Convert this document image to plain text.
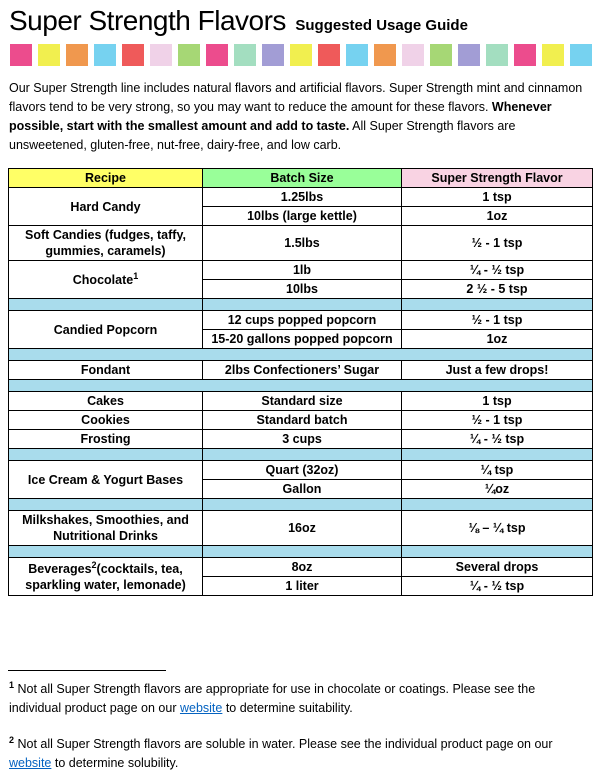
Super Strength Flavors Suggested Usage Guide

Our Super Strength line includes natural flavors and artificial flavors. Super Strength mint and cinnamon flavors tend to be very strong, so you may want to reduce the amount for these flavors. Whenever possible, start with the smallest amount and add to taste. All Super Strength flavors are unsweetened, gluten-free, nut-free, dairy-free, and low carb.

Recipe	Batch Size	Super Strength Flavor
Hard Candy	1.25lbs	1 tsp
	10lbs (large kettle)	1oz
Soft Candies (fudges, taffy, gummies, caramels)	1.5lbs	½ - 1 tsp
Chocolate$^1$	1lb	¼ - ½ tsp
	10lbs	2 ½ - 5 tsp

Candied Popcorn	12 cups popped popcorn	½ - 1 tsp
	15-20 gallons popped popcorn	1oz

Fondant	2lbs Confectioners’ Sugar	Just a few drops!

Cakes	Standard size	1 tsp
Cookies	Standard batch	½ - 1 tsp
Frosting	3 cups	¼ - ½ tsp

Ice Cream & Yogurt Bases	Quart (32oz)	¼ tsp
	Gallon	¼oz

Milkshakes, Smoothies, and Nutritional Drinks	16oz	⅛ – ¼ tsp

Beverages$^2$(cocktails, tea, sparkling water, lemonade)	8oz	Several drops
	1 liter	¼ - ½ tsp

$^1$ Not all Super Strength flavors are appropriate for use in chocolate or coatings. Please see the individual product page on our website to determine suitability.

$^2$ Not all Super Strength flavors are soluble in water. Please see the individual product page on our website to determine solubility.
